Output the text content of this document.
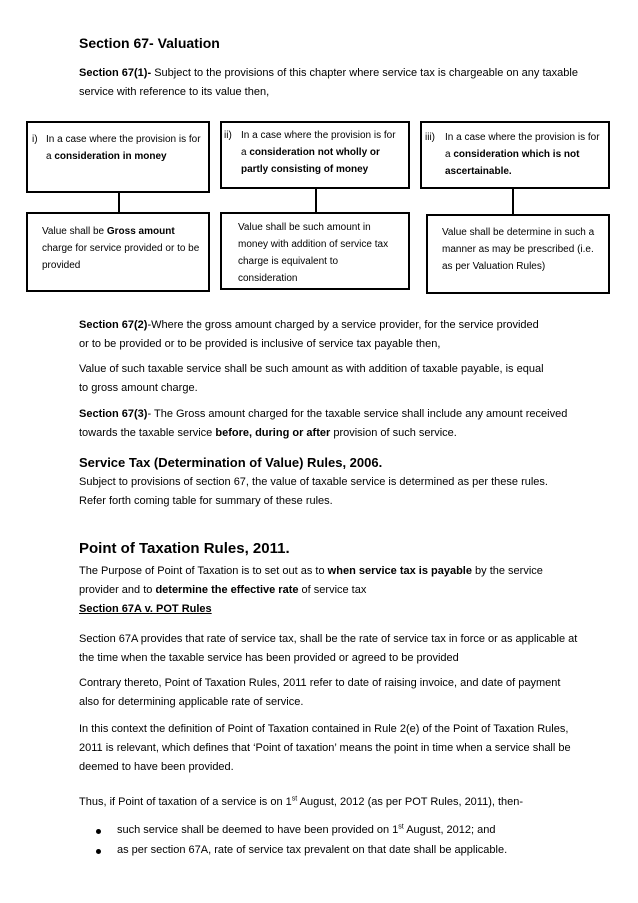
Section 67- Valuation
Section 67(1)- Subject to the provisions of this chapter where service tax is chargeable on any taxable service with reference to its value then,
i) In a case where the provision is for a consideration in money
ii) In a case where the provision is for a consideration not wholly or partly consisting of money
iii)	In a case where the provision is for a consideration which is not ascertainable.
Value shall be Gross amount charge for service provided or to be provided
Value shall be such amount in money with addition of service tax charge is equivalent to consideration
Value shall be determine in such a manner as may be prescribed (i.e. as per Valuation Rules)
Section 67(2)-Where the gross amount charged by a service provider, for the service provided or to be provided or to be provided is inclusive of service tax payable then,
Value of such taxable service shall be such amount as with addition of taxable payable, is equal to gross amount charge.
Section 67(3)- The Gross amount charged for the taxable service shall include any amount received towards the taxable service before, during or after provision of such service.
Service Tax (Determination of Value) Rules, 2006.
Subject to provisions of section 67, the value of taxable service is determined as per these rules.
Refer forth coming table for summary of these rules.
Point of Taxation Rules, 2011.
The Purpose of Point of Taxation is to set out as to when service tax is payable by the service provider and to determine the effective rate of service tax
Section 67A v. POT Rules
Section 67A provides that rate of service tax, shall be the rate of service tax in force or as applicable at the time when the taxable service has been provided or agreed to be provided
Contrary thereto, Point of Taxation Rules, 2011 refer to date of raising invoice, and date of payment also for determining applicable rate of service.
In this context the definition of Point of Taxation contained in Rule 2(e) of the Point of Taxation Rules, 2011 is relevant, which defines that ‘Point of taxation’ means the point in time when a service shall be deemed to have been provided.
Thus, if Point of taxation of a service is on 1st August, 2012 (as per POT Rules, 2011), then-
such service shall be deemed to have been provided on 1st August, 2012; and
as per section 67A, rate of service tax prevalent on that date shall be applicable.
